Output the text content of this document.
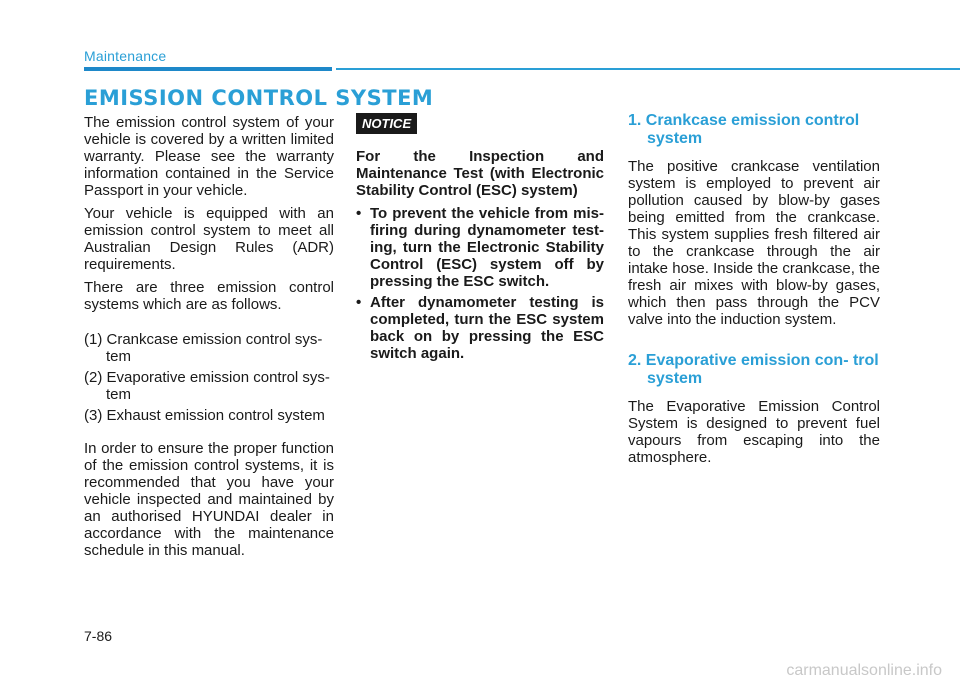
Maintenance
EMISSION CONTROL SYSTEM

The emission control system of your vehicle is covered by a written limited warranty. Please see the warranty information contained in the Service Passport in your vehicle.

Your vehicle is equipped with an emission control system to meet all Australian Design Rules (ADR) requirements.

There are three emission control systems which are as follows.

(1) Crankcase emission control sys- tem
(2) Evaporative emission control sys- tem
(3) Exhaust emission control system

In order to ensure the proper function of the emission control systems, it is recommended that you have your vehicle inspected and maintained by an authorised HYUNDAI dealer in accordance with the maintenance schedule in this manual.

NOTICE

For the Inspection and Maintenance Test (with Electronic Stability Control (ESC) system)

• To prevent the vehicle from mis- firing during dynamometer test- ing, turn the Electronic Stability Control (ESC) system off by pressing the ESC switch.
• After dynamometer testing is completed, turn the ESC system back on by pressing the ESC switch again.
1. Crankcase emission control system

The positive crankcase ventilation system is employed to prevent air pollution caused by blow-by gases being emitted from the crankcase. This system supplies fresh filtered air to the crankcase through the air intake hose. Inside the crankcase, the fresh air mixes with blow-by gases, which then pass through the PCV valve into the induction system.

2. Evaporative emission con- trol system

The Evaporative Emission Control System is designed to prevent fuel vapours from escaping into the atmosphere.

7-86
carmanualsonline.info
